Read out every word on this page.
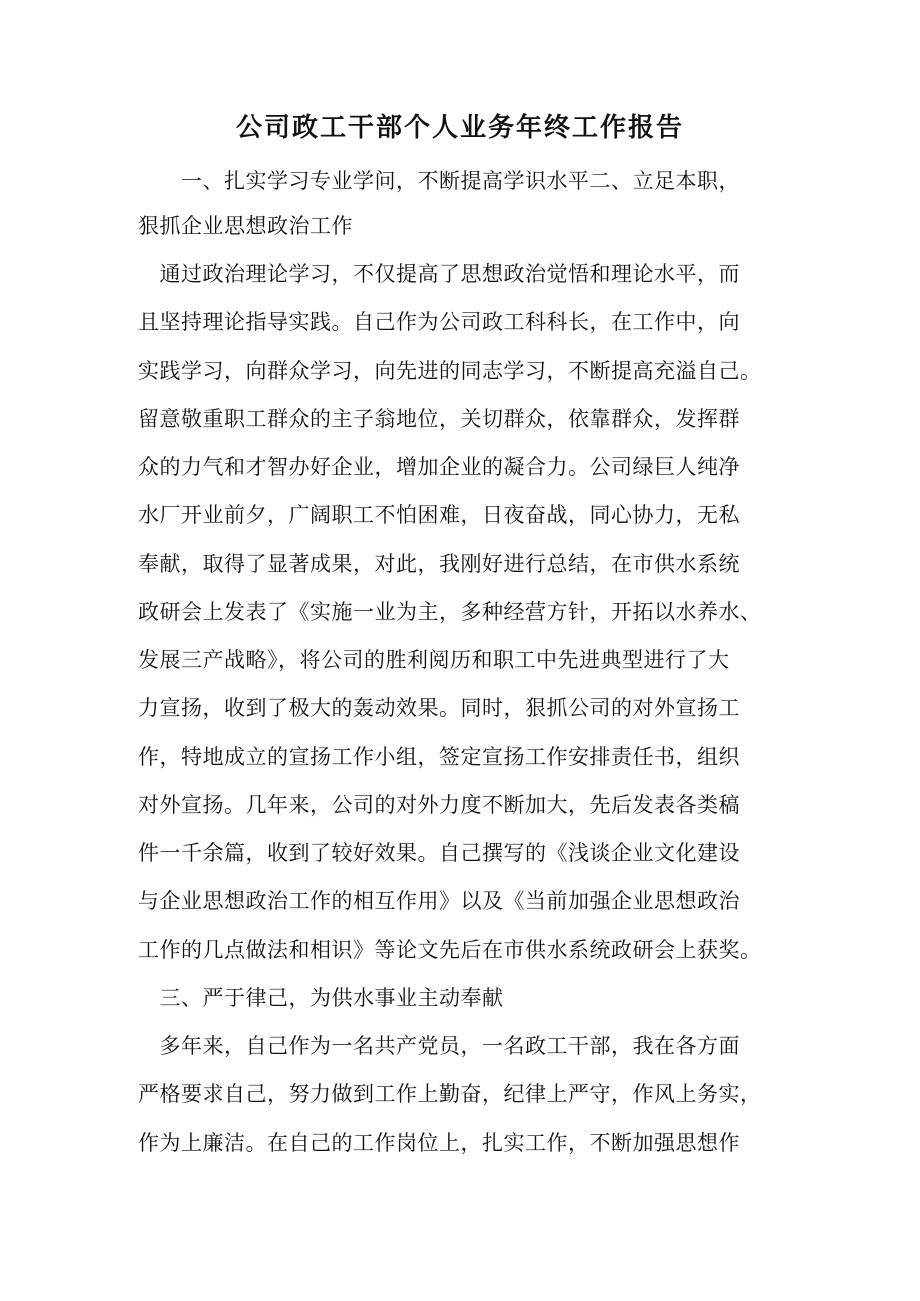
公司政工干部个人业务年终工作报告

　　一、扎实学习专业学问，不断提高学识水平二、立足本职，

狠抓企业思想政治工作

　通过政治理论学习，不仅提高了思想政治觉悟和理论水平，而

且坚持理论指导实践。自己作为公司政工科科长，在工作中，向

实践学习，向群众学习，向先进的同志学习，不断提高充溢自己。

留意敬重职工群众的主子翁地位，关切群众，依靠群众，发挥群

众的力气和才智办好企业，增加企业的凝合力。公司绿巨人纯净

水厂开业前夕，广阔职工不怕困难，日夜奋战，同心协力，无私

奉献，取得了显著成果，对此，我刚好进行总结，在市供水系统

政研会上发表了《实施一业为主，多种经营方针，开拓以水养水、

发展三产战略》，将公司的胜利阅历和职工中先进典型进行了大

力宣扬，收到了极大的轰动效果。同时，狠抓公司的对外宣扬工

作，特地成立的宣扬工作小组，签定宣扬工作安排责任书，组织

对外宣扬。几年来，公司的对外力度不断加大，先后发表各类稿

件一千余篇，收到了较好效果。自己撰写的《浅谈企业文化建设

与企业思想政治工作的相互作用》以及《当前加强企业思想政治

工作的几点做法和相识》等论文先后在市供水系统政研会上获奖。

　三、严于律己，为供水事业主动奉献

　多年来，自己作为一名共产党员，一名政工干部，我在各方面

严格要求自己，努力做到工作上勤奋，纪律上严守，作风上务实，

作为上廉洁。在自己的工作岗位上，扎实工作，不断加强思想作
